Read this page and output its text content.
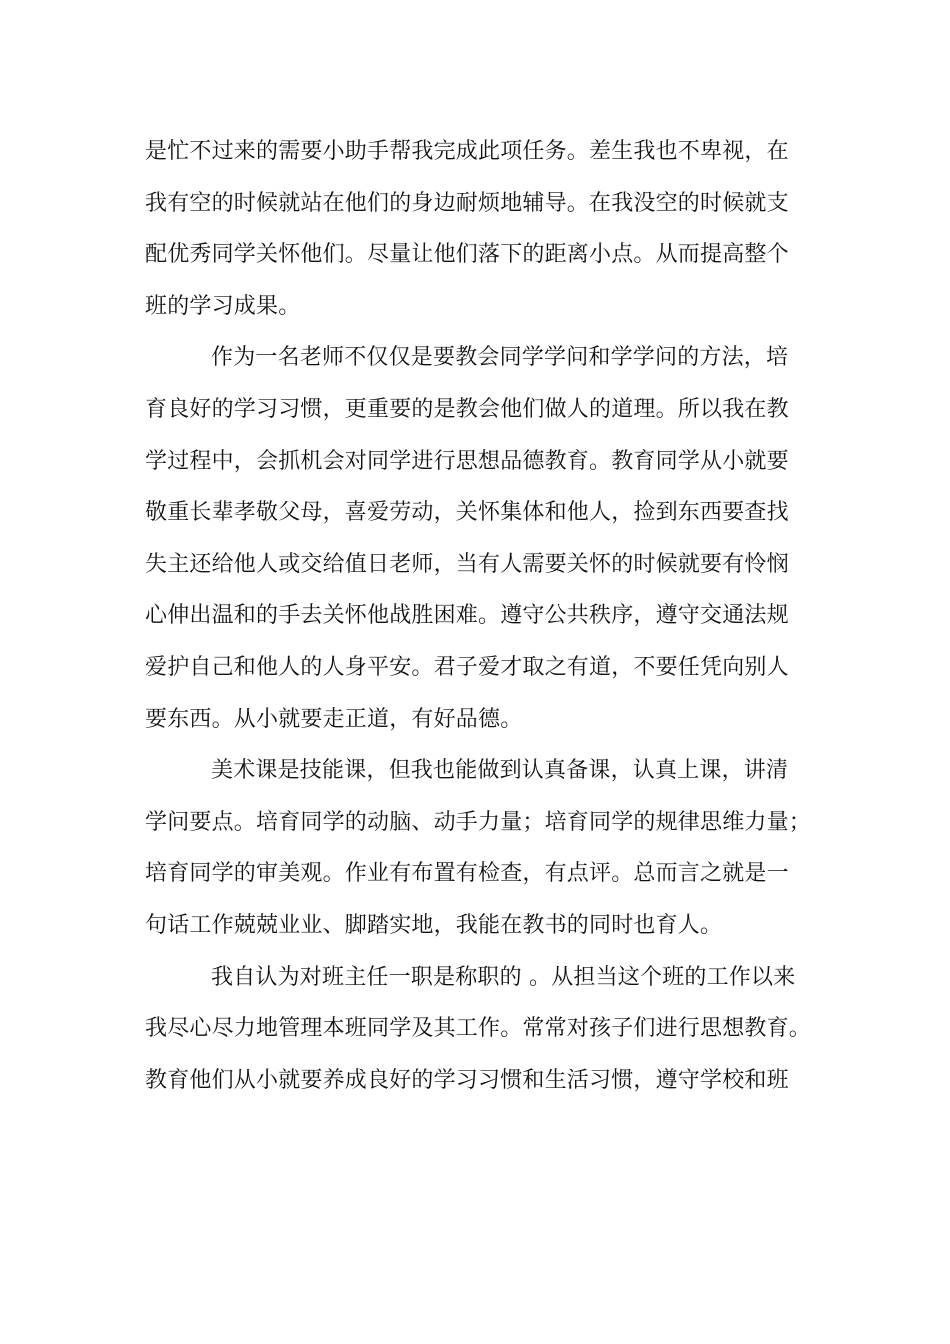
是忙不过来的需要小助手帮我完成此项任务。差生我也不卑视，在
我有空的时候就站在他们的身边耐烦地辅导。在我没空的时候就支
配优秀同学关怀他们。尽量让他们落下的距离小点。从而提高整个
班的学习成果。
作为一名老师不仅仅是要教会同学学问和学学问的方法，培
育良好的学习习惯，更重要的是教会他们做人的道理。所以我在教
学过程中，会抓机会对同学进行思想品德教育。教育同学从小就要
敬重长辈孝敬父母，喜爱劳动，关怀集体和他人，捡到东西要查找
失主还给他人或交给值日老师，当有人需要关怀的时候就要有怜悯
心伸出温和的手去关怀他战胜困难。遵守公共秩序，遵守交通法规
爱护自己和他人的人身平安。君子爱才取之有道，不要任凭向别人
要东西。从小就要走正道，有好品德。
美术课是技能课，但我也能做到认真备课，认真上课，讲清
学问要点。培育同学的动脑、动手力量；培育同学的规律思维力量；
培育同学的审美观。作业有布置有检查，有点评。总而言之就是一
句话工作兢兢业业、脚踏实地，我能在教书的同时也育人。
我自认为对班主任一职是称职的 。从担当这个班的工作以来
我尽心尽力地管理本班同学及其工作。常常对孩子们进行思想教育。
教育他们从小就要养成良好的学习习惯和生活习惯，遵守学校和班
